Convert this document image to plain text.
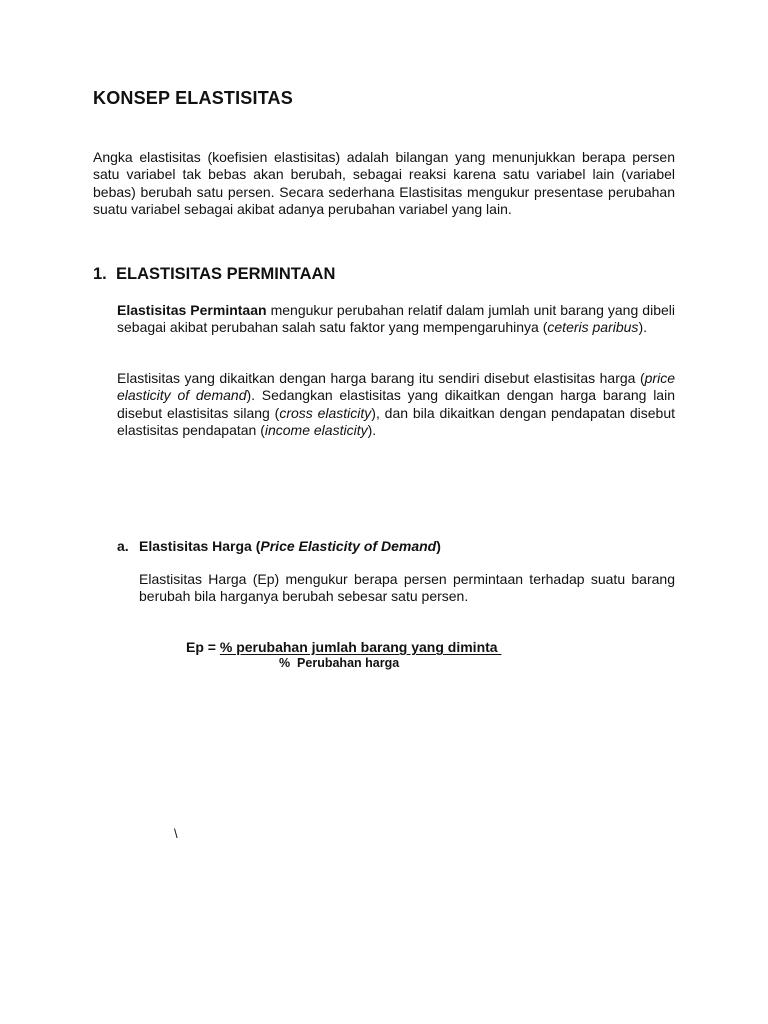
KONSEP ELASTISITAS

Angka elastisitas (koefisien elastisitas) adalah bilangan yang menunjukkan berapa persen satu variabel tak bebas akan berubah, sebagai reaksi karena satu variabel lain (variabel bebas) berubah satu persen. Secara sederhana Elastisitas mengukur presentase perubahan suatu variabel sebagai akibat adanya perubahan variabel yang lain.

1. ELASTISITAS PERMINTAAN

Elastisitas Permintaan mengukur perubahan relatif dalam jumlah unit barang yang dibeli sebagai akibat perubahan salah satu faktor yang mempengaruhinya (ceteris paribus).

Elastisitas yang dikaitkan dengan harga barang itu sendiri disebut elastisitas harga (price elasticity of demand). Sedangkan elastisitas yang dikaitkan dengan harga barang lain disebut elastisitas silang (cross elasticity), dan bila dikaitkan dengan pendapatan disebut elastisitas pendapatan (income elasticity).

a. Elastisitas Harga (Price Elasticity of Demand)

Elastisitas Harga (Ep) mengukur berapa persen permintaan terhadap suatu barang berubah bila harganya berubah sebesar satu persen.

Ep = % perubahan jumlah barang yang diminta
%  Perubahan harga
\
